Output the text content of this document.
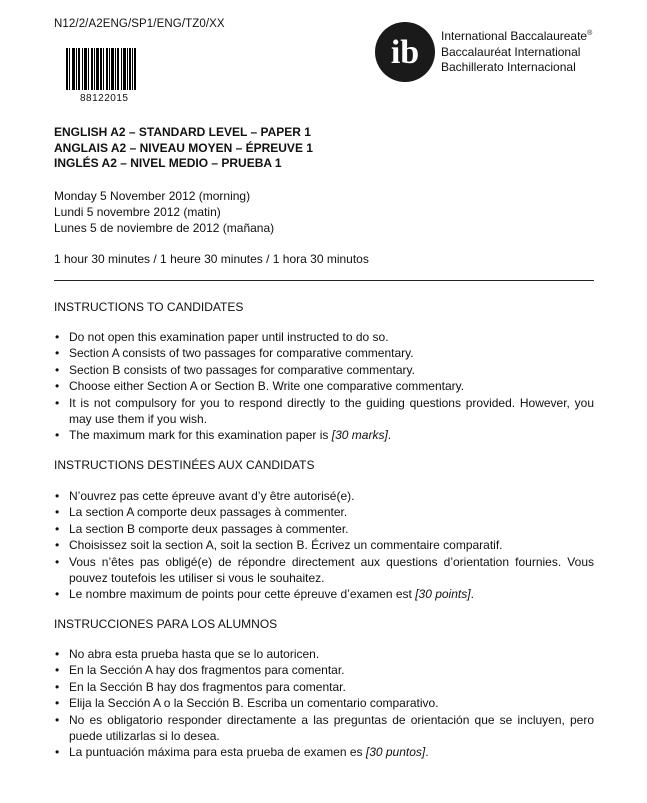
N12/2/A2ENG/SP1/ENG/TZ0/XX
88122015
ib International Baccalaureate®
Baccalauréat International
Bachillerato Internacional
ENGLISH A2 – STANDARD LEVEL – PAPER 1
ANGLAIS A2 – NIVEAU MOYEN – ÉPREUVE 1
INGLÉS A2 – NIVEL MEDIO – PRUEBA 1
Monday 5 November 2012 (morning)
Lundi 5 novembre 2012 (matin)
Lunes 5 de noviembre de 2012 (mañana)
1 hour 30 minutes / 1 heure 30 minutes / 1 hora 30 minutos
INSTRUCTIONS TO CANDIDATES
• Do not open this examination paper until instructed to do so.
• Section A consists of two passages for comparative commentary.
• Section B consists of two passages for comparative commentary.
• Choose either Section A or Section B. Write one comparative commentary.
• It is not compulsory for you to respond directly to the guiding questions provided. However, you may use them if you wish.
• The maximum mark for this examination paper is [30 marks].
INSTRUCTIONS DESTINÉES AUX CANDIDATS
• N’ouvrez pas cette épreuve avant d’y être autorisé(e).
• La section A comporte deux passages à commenter.
• La section B comporte deux passages à commenter.
• Choisissez soit la section A, soit la section B. Écrivez un commentaire comparatif.
• Vous n’êtes pas obligé(e) de répondre directement aux questions d’orientation fournies. Vous pouvez toutefois les utiliser si vous le souhaitez.
• Le nombre maximum de points pour cette épreuve d’examen est [30 points].
INSTRUCCIONES PARA LOS ALUMNOS
• No abra esta prueba hasta que se lo autoricen.
• En la Sección A hay dos fragmentos para comentar.
• En la Sección B hay dos fragmentos para comentar.
• Elija la Sección A o la Sección B. Escriba un comentario comparativo.
• No es obligatorio responder directamente a las preguntas de orientación que se incluyen, pero puede utilizarlas si lo desea.
• La puntuación máxima para esta prueba de examen es [30 puntos].
